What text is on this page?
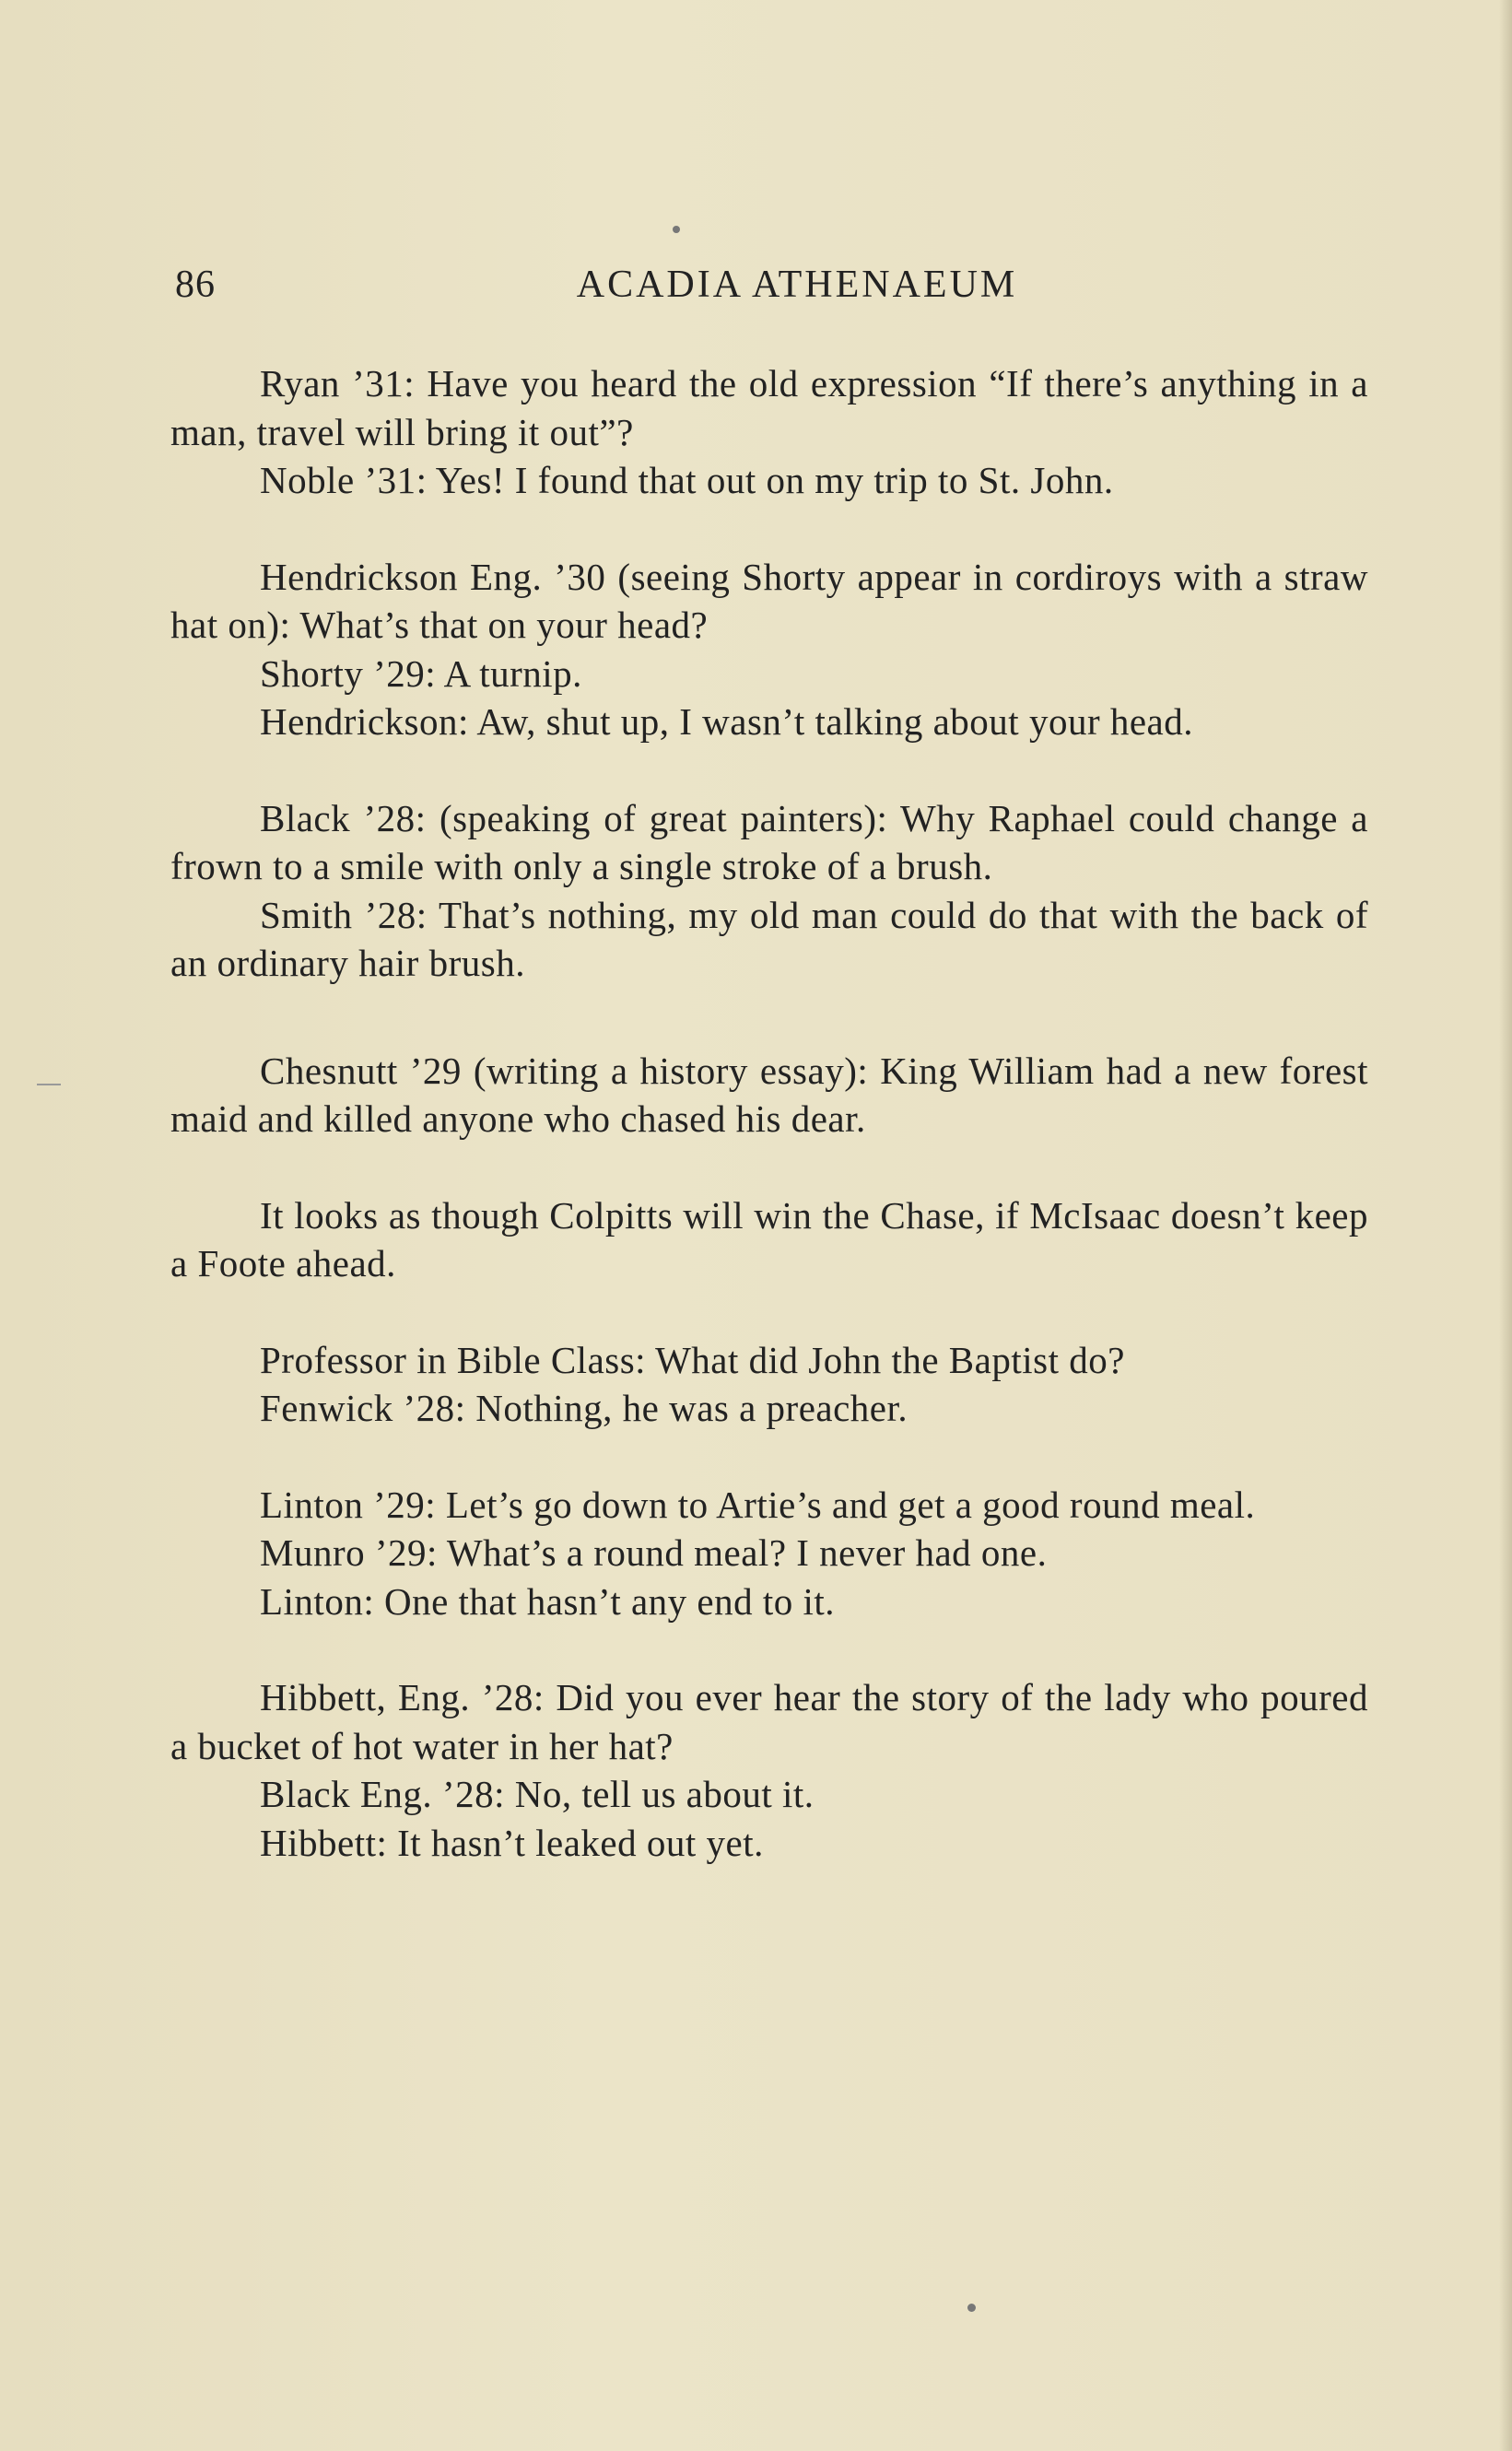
86	ACADIA ATHENAEUM

Ryan ’31: Have you heard the old expression “If there’s anything in a man, travel will bring it out”?

Noble ’31: Yes! I found that out on my trip to St. John.

Hendrickson Eng. ’30 (seeing Shorty appear in cordiroys with a straw hat on): What’s that on your head?

Shorty ’29: A turnip.

Hendrickson: Aw, shut up, I wasn’t talking about your head.

Black ’28: (speaking of great painters): Why Raphael could change a frown to a smile with only a single stroke of a brush.

Smith ’28: That’s nothing, my old man could do that with the back of an ordinary hair brush.

Chesnutt ’29 (writing a history essay): King William had a new forest maid and killed anyone who chased his dear.

It looks as though Colpitts will win the Chase, if McIsaac doesn’t keep a Foote ahead.

Professor in Bible Class: What did John the Baptist do?

Fenwick ’28: Nothing, he was a preacher.

Linton ’29: Let’s go down to Artie’s and get a good round meal.

Munro ’29: What’s a round meal? I never had one.

Linton: One that hasn’t any end to it.

Hibbett, Eng. ’28: Did you ever hear the story of the lady who poured a bucket of hot water in her hat?

Black Eng. ’28: No, tell us about it.

Hibbett: It hasn’t leaked out yet.
